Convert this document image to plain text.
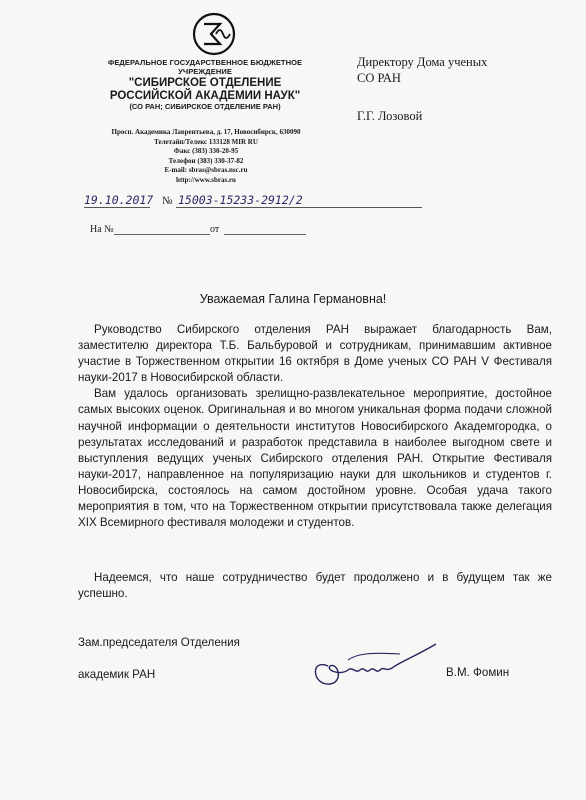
ФЕДЕРАЛЬНОЕ ГОСУДАРСТВЕННОЕ БЮДЖЕТНОЕ
УЧРЕЖДЕНИЕ
"СИБИРСКОЕ ОТДЕЛЕНИЕ
РОССИЙСКОЙ АКАДЕМИИ НАУК"
(СО РАН; СИБИРСКОЕ ОТДЕЛЕНИЕ РАН)
Просп. Академика Лаврентьева, д. 17, Новосибирск, 630090
Телетайп/Телекс 133128 MIR RU
Факс (383) 330-20-95
Телефон (383) 330-37-82
E-mail: sbras@sbras.nsc.ru
http://www.sbras.ru
Директору Дома ученых
СО РАН
Г.Г. Лозовой
19.10.2017 № 15003-15233-2912/2
На №	от
Уважаемая Галина Германовна!

Руководство Сибирского отделения РАН выражает благодарность Вам, заместителю директора Т.Б. Бальбуровой и сотрудникам, принимавшим активное участие в Торжественном открытии 16 октября в Доме ученых СО РАН V Фестиваля науки-2017 в Новосибирской области.

Вам удалось организовать зрелищно-развлекательное мероприятие, достойное самых высоких оценок. Оригинальная и во многом уникальная форма подачи сложной научной информации о деятельности институтов Новосибирского Академгородка, о результатах исследований и разработок представила в наиболее выгодном свете и выступления ведущих ученых Сибирского отделения РАН. Открытие Фестиваля науки-2017, направленное на популяризацию науки для школьников и студентов г. Новосибирска, состоялось на самом достойном уровне. Особая удача такого мероприятия в том, что на Торжественном открытии присутствовала также делегация XIX Всемирного фестиваля молодежи и студентов.

Надеемся, что наше сотрудничество будет продолжено и в будущем так же успешно.

Зам.председателя Отделения
академик РАН	В.М. Фомин
